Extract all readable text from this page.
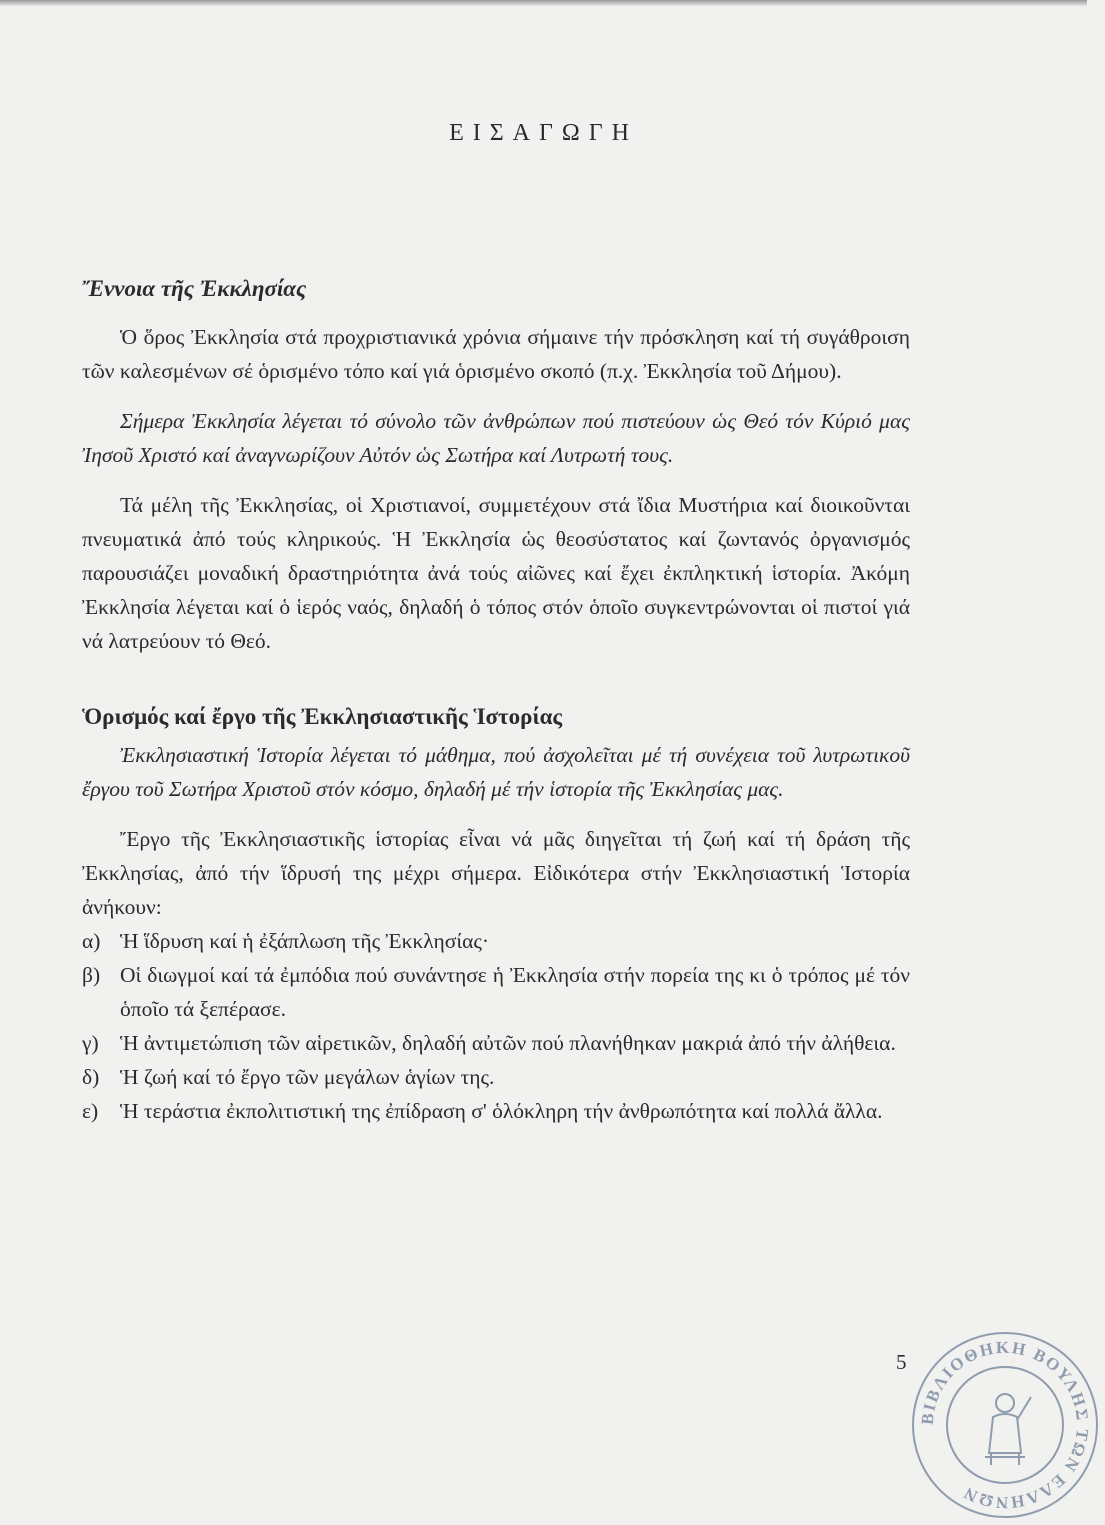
ΕΙΣΑΓΩΓΗ
Ἔννοια τῆς Ἐκκλησίας

Ὁ ὅρος Ἐκκλησία στά προχριστιανικά χρόνια σήμαινε τήν πρόσκληση καί τή συγάθροιση τῶν καλεσμένων σέ ὁρισμένο τόπο καί γιά ὁρισμένο σκοπό (π.χ. Ἐκκλησία τοῦ Δήμου).

Σήμερα Ἐκκλησία λέγεται τό σύνολο τῶν ἀνθρώπων πού πιστεύουν ὡς Θεό τόν Κύριό μας Ἰησοῦ Χριστό καί ἀναγνωρίζουν Αὐτόν ὡς Σωτήρα καί Λυτρωτή τους.

Τά μέλη τῆς Ἐκκλησίας, οἱ Χριστιανοί, συμμετέχουν στά ἴδια Μυστήρια καί διοικοῦνται πνευματικά ἀπό τούς κληρικούς. Ἡ Ἐκκλησία ὡς θεοσύστατος καί ζωντανός ὀργανισμός παρουσιάζει μοναδική δραστηριότητα ἀνά τούς αἰῶνες καί ἔχει ἐκπληκτική ἱστορία. Ἀκόμη Ἐκκλησία λέγεται καί ὁ ἱερός ναός, δηλαδή ὁ τόπος στόν ὁποῖο συγκεντρώνονται οἱ πιστοί γιά νά λατρεύουν τό Θεό.

Ὁρισμός καί ἔργο τῆς Ἐκκλησιαστικῆς Ἱστορίας

Ἐκκλησιαστική Ἱστορία λέγεται τό μάθημα, πού ἀσχολεῖται μέ τή συνέχεια τοῦ λυτρωτικοῦ ἔργου τοῦ Σωτήρα Χριστοῦ στόν κόσμο, δηλαδή μέ τήν ἱστορία τῆς Ἐκκλησίας μας.

Ἔργο τῆς Ἐκκλησιαστικῆς ἱστορίας εἶναι νά μᾶς διηγεῖται τή ζωή καί τή δράση τῆς Ἐκκλησίας, ἀπό τήν ἵδρυσή της μέχρι σήμερα. Εἰδικότερα στήν Ἐκκλησιαστική Ἱστορία ἀνήκουν:

α) Ἡ ἵδρυση καί ἡ ἐξάπλωση τῆς Ἐκκλησίας·
β) Οἱ διωγμοί καί τά ἐμπόδια πού συνάντησε ἡ Ἐκκλησία στήν πορεία της κι ὁ τρόπος μέ τόν ὁποῖο τά ξεπέρασε.
γ) Ἡ ἀντιμετώπιση τῶν αἱρετικῶν, δηλαδή αὐτῶν πού πλανήθηκαν μακριά ἀπό τήν ἀλήθεια.
δ) Ἡ ζωή καί τό ἔργο τῶν μεγάλων ἁγίων της.
ε)	Ἡ τεράστια ἐκπολιτιστική της ἐπίδραση σ' ὁλόκληρη τήν ἀνθρωπότητα καί πολλά ἄλλα.
5
ΒΙΒΛΙΟΘΗΚΗ ΒΟΥΛΗΣ ΤΩΝ ΕΛΛΗΝΩΝ
